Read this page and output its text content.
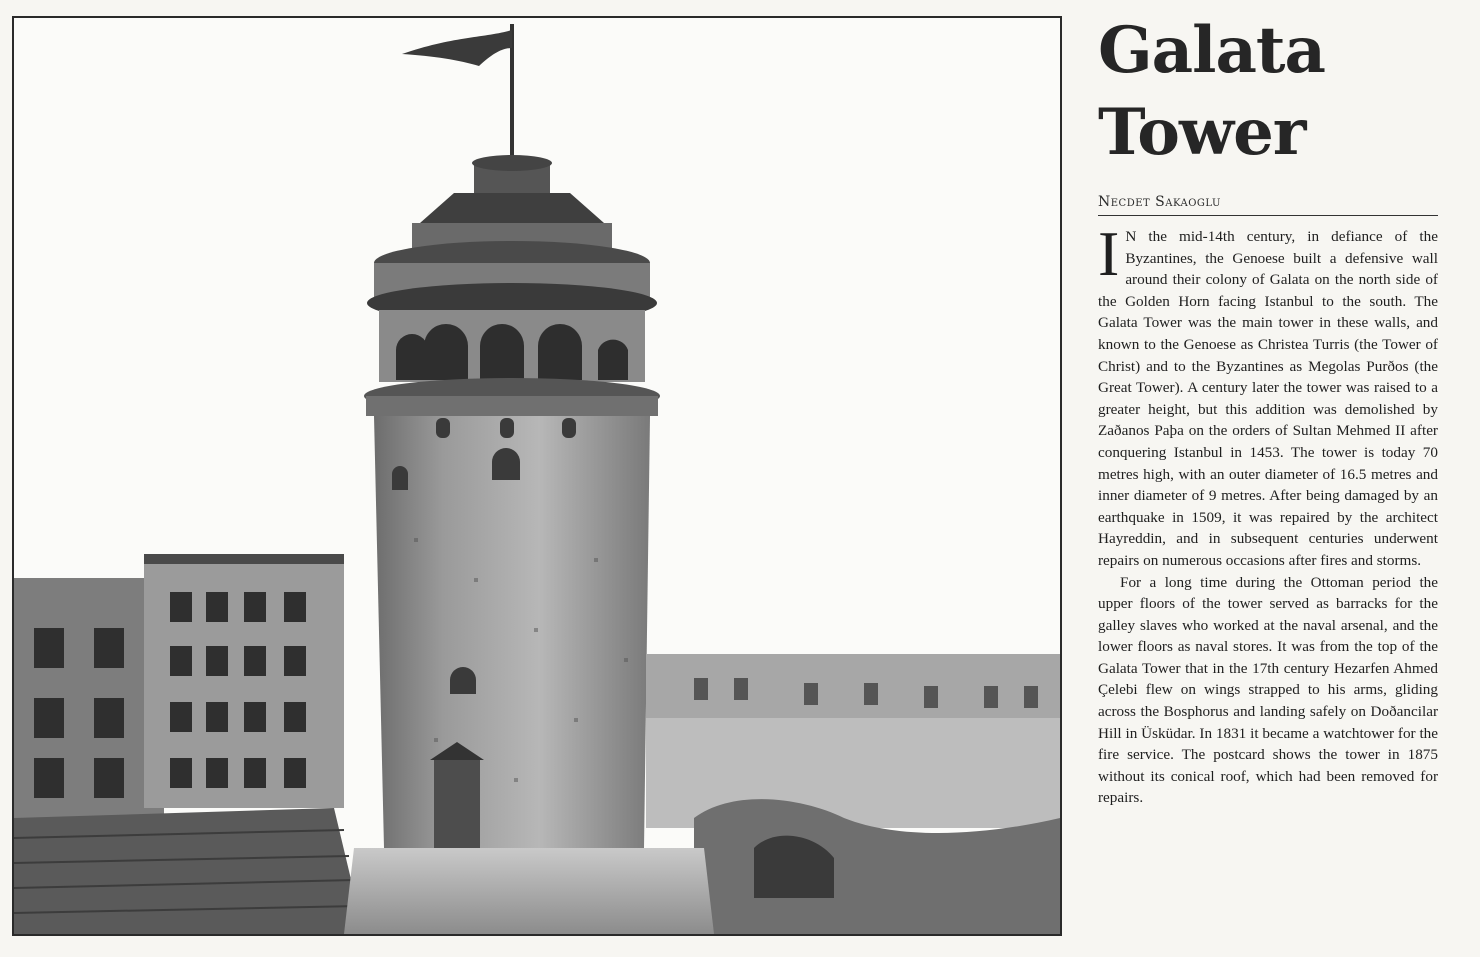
Galata
Tower
Necdet Sakaoglu

I N the mid-14th century, in defiance of the Byzantines, the Genoese built a defensive wall around their colony of Galata on the north side of the Golden Horn facing Istanbul to the south. The Galata Tower was the main tower in these walls, and known to the Genoese as Christea Turris (the Tower of Christ) and to the Byzantines as Megolas Purðos (the Great Tower). A century later the tower was raised to a greater height, but this addition was demolished by Zaðanos Paþa on the orders of Sultan Mehmed II after conquering Istanbul in 1453. The tower is today 70 metres high, with an outer diameter of 16.5 metres and inner diameter of 9 metres. After being damaged by an earthquake in 1509, it was repaired by the architect Hayreddin, and in subsequent centuries underwent repairs on numerous occasions after fires and storms.

For a long time during the Ottoman period the upper floors of the tower served as barracks for the galley slaves who worked at the naval arsenal, and the lower floors as naval stores. It was from the top of the Galata Tower that in the 17th century Hezarfen Ahmed Çelebi flew on wings strapped to his arms, gliding across the Bosphorus and landing safely on Doðancilar Hill in Üsküdar. In 1831 it became a watchtower for the fire service. The postcard shows the tower in 1875 without its conical roof, which had been removed for repairs.
